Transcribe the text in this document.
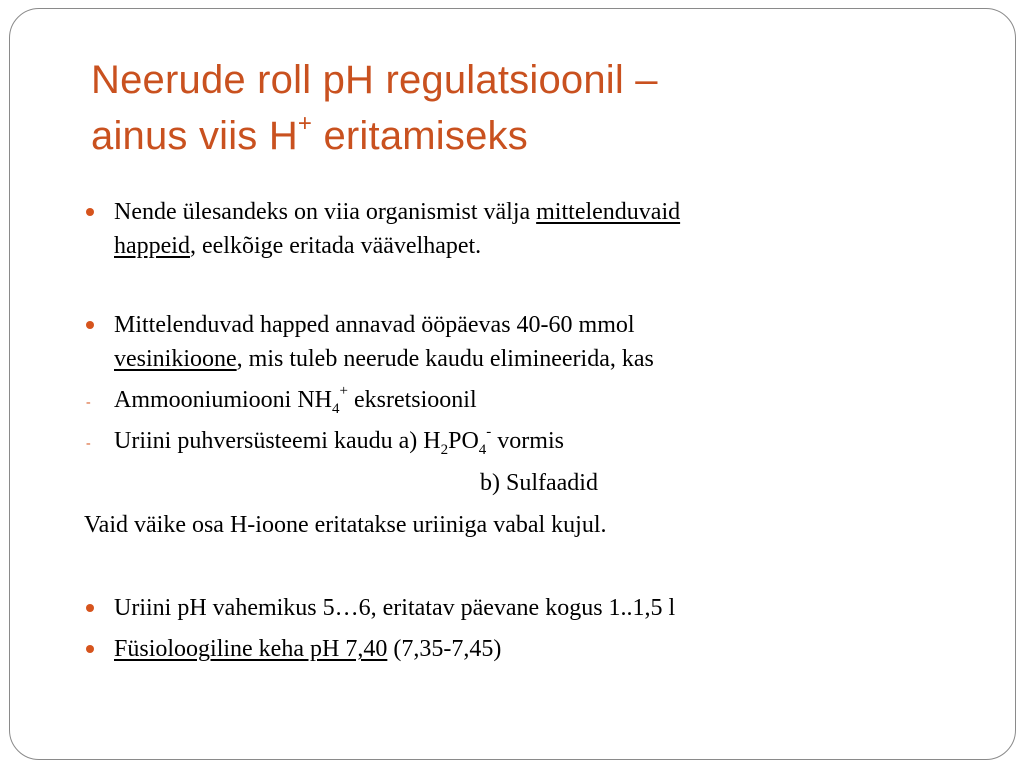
Neerude roll pH regulatsioonil –
ainus viis H+ eritamiseks
Nende ülesandeks on viia organismist välja mittelenduvaid
happeid, eelkõige eritada väävelhapet.
Mittelenduvad happed annavad ööpäevas 40-60 mmol
vesinikioone, mis tuleb neerude kaudu elimineerida, kas
- Ammooniumiooni $NH_4^+$ eksretsioonil
- Uriini puhversüsteemi kaudu a) $H_2PO_4^-$ vormis
b) Sulfaadid
Vaid väike osa H-ioone eritatakse uriiniga vabal kujul.
Uriini pH vahemikus 5…6, eritatav päevane kogus 1..1,5 l
Füsioloogiline keha pH 7,40 (7,35-7,45)
